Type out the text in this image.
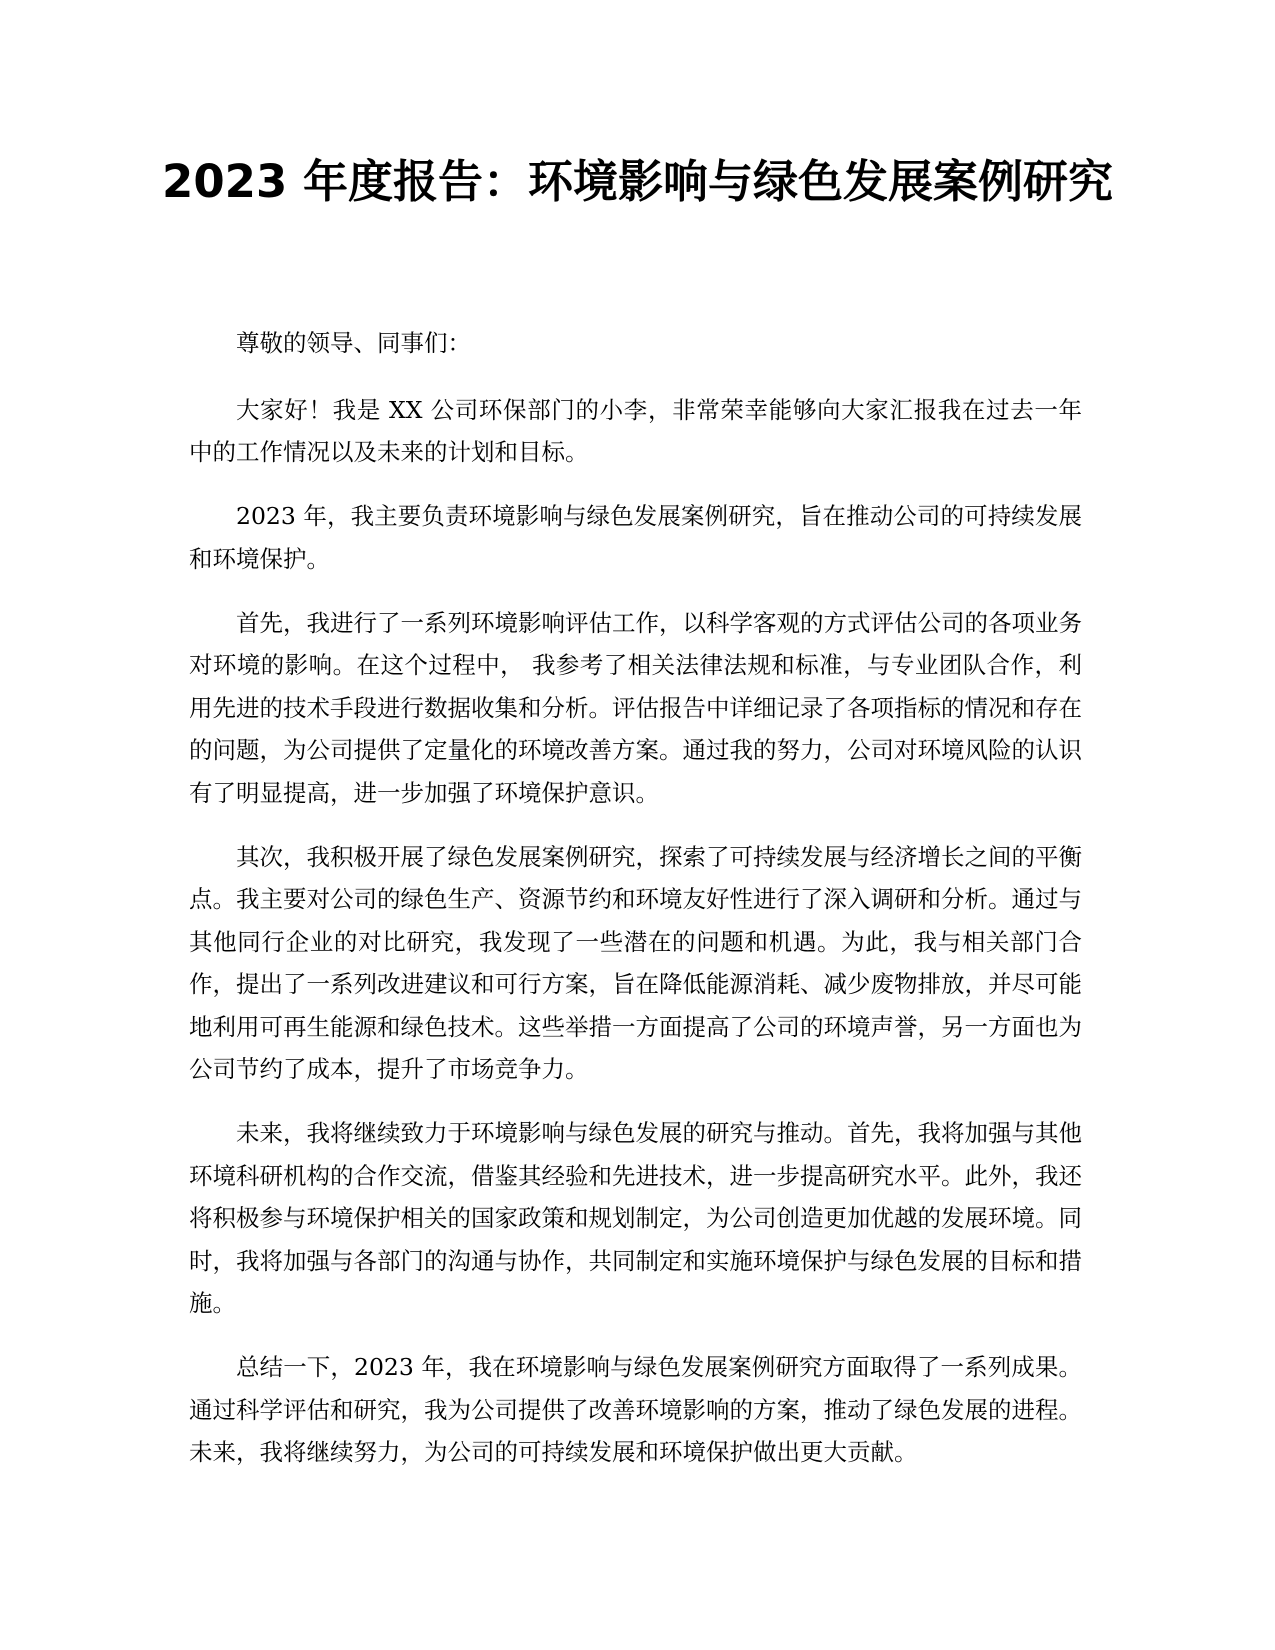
2023 年度报告：环境影响与绿色发展案例研究

尊敬的领导、同事们：

大家好！我是 XX 公司环保部门的小李，非常荣幸能够向大家汇报我在过去一年中的工作情况以及未来的计划和目标。

2023 年，我主要负责环境影响与绿色发展案例研究，旨在推动公司的可持续发展和环境保护。

首先，我进行了一系列环境影响评估工作，以科学客观的方式评估公司的各项业务对环境的影响。在这个过程中， 我参考了相关法律法规和标准，与专业团队合作，利用先进的技术手段进行数据收集和分析。评估报告中详细记录了各项指标的情况和存在的问题，为公司提供了定量化的环境改善方案。通过我的努力，公司对环境风险的认识有了明显提高，进一步加强了环境保护意识。

其次，我积极开展了绿色发展案例研究，探索了可持续发展与经济增长之间的平衡点。我主要对公司的绿色生产、资源节约和环境友好性进行了深入调研和分析。通过与其他同行企业的对比研究，我发现了一些潜在的问题和机遇。为此，我与相关部门合作，提出了一系列改进建议和可行方案，旨在降低能源消耗、减少废物排放，并尽可能地利用可再生能源和绿色技术。这些举措一方面提高了公司的环境声誉，另一方面也为公司节约了成本，提升了市场竞争力。

未来，我将继续致力于环境影响与绿色发展的研究与推动。首先，我将加强与其他环境科研机构的合作交流，借鉴其经验和先进技术，进一步提高研究水平。此外，我还将积极参与环境保护相关的国家政策和规划制定，为公司创造更加优越的发展环境。同时，我将加强与各部门的沟通与协作，共同制定和实施环境保护与绿色发展的目标和措施。

总结一下，2023 年，我在环境影响与绿色发展案例研究方面取得了一系列成果。通过科学评估和研究，我为公司提供了改善环境影响的方案，推动了绿色发展的进程。未来，我将继续努力，为公司的可持续发展和环境保护做出更大贡献。
